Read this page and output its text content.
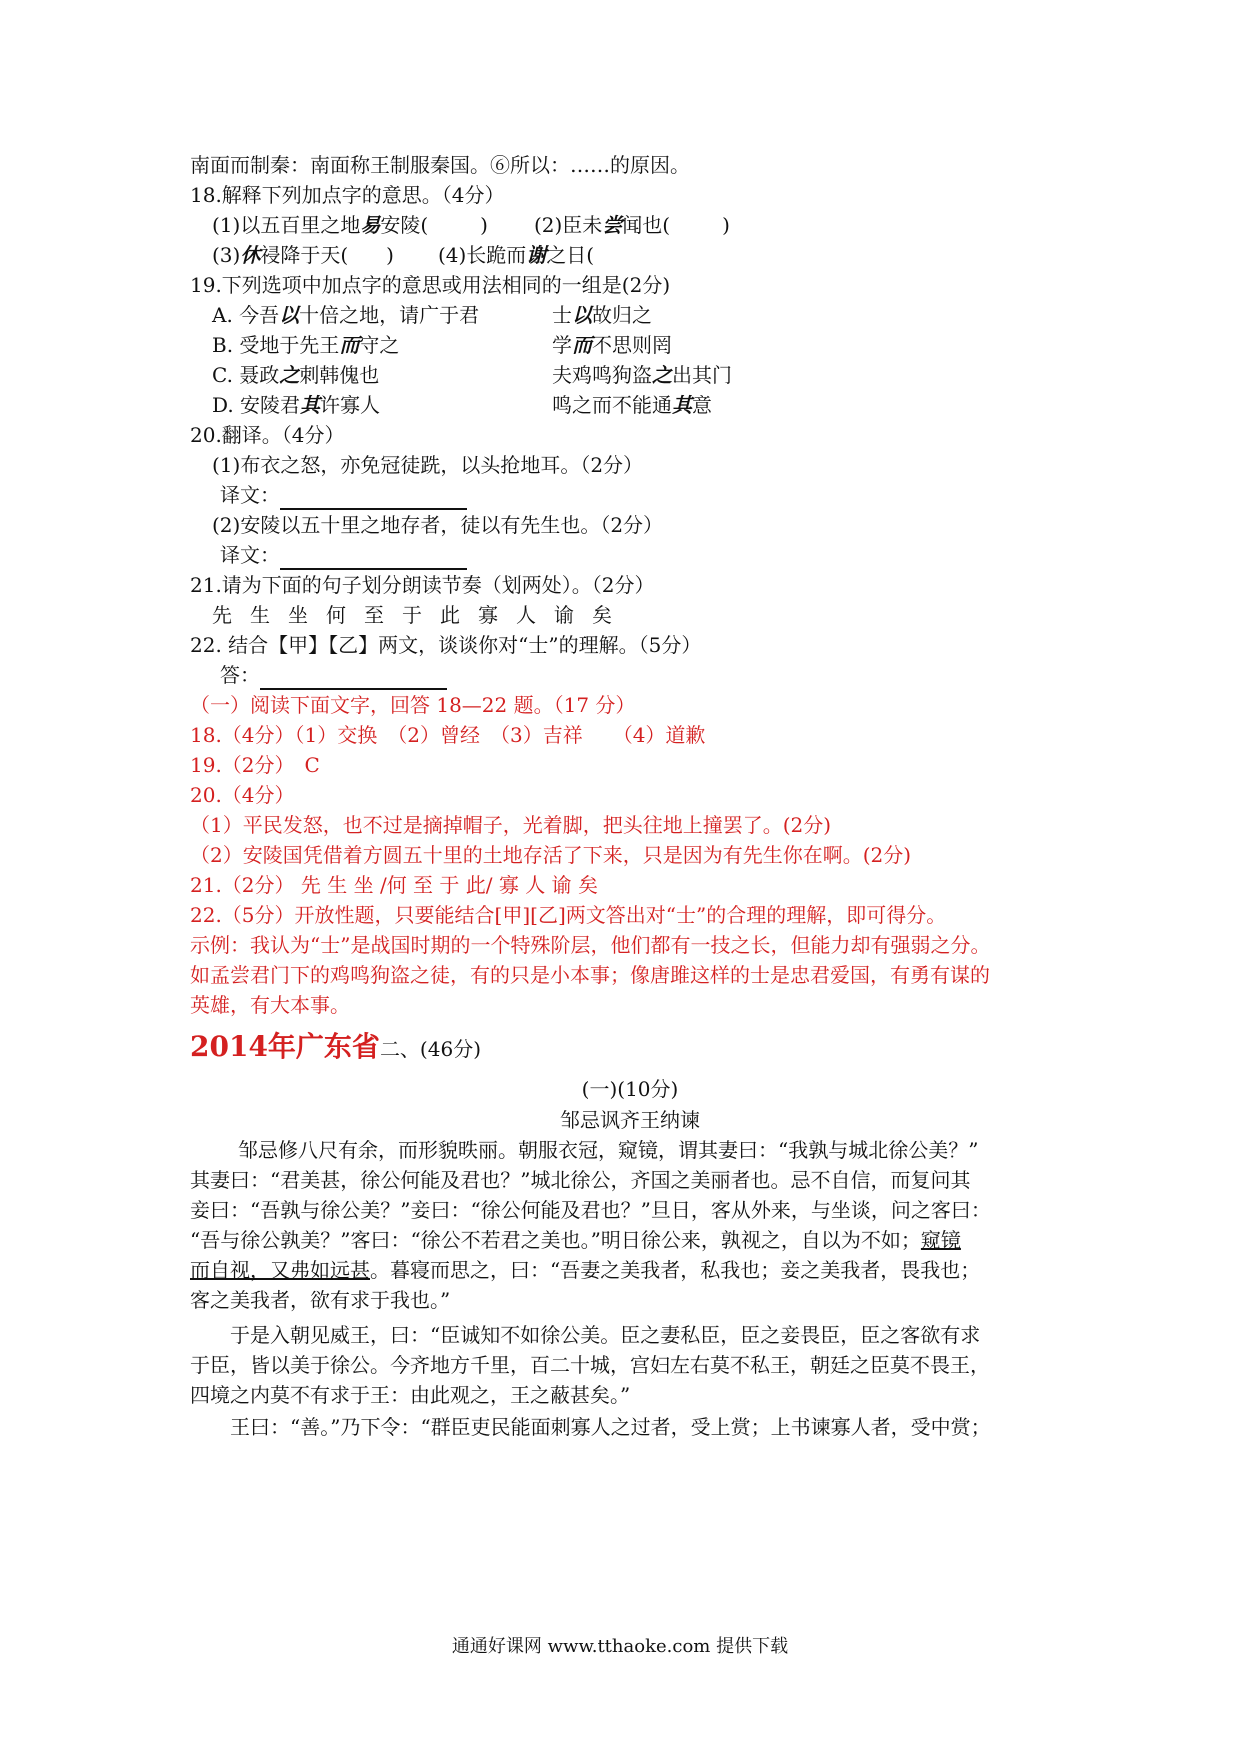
南面而制秦：南面称王制服秦国。⑥所以：……的原因。
18.解释下列加点字的意思。（4分）
(1)以五百里之地易安陵(	) (2)臣未尝闻也(	)
(3)休祲降于天( ) (4)长跪而谢之日(
19.下列选项中加点字的意思或用法相同的一组是(2分)
A. 今吾以十倍之地，请广于君	士以故归之
B. 受地于先王而守之	学而不思则罔
C. 聂政之刺韩傀也	夫鸡鸣狗盗之出其门
D. 安陵君其许寡人	鸣之而不能通其意
20.翻译。（4分）
(1)布衣之怒，亦免冠徒跣，以头抢地耳。（2分）
译文：
(2)安陵以五十里之地存者，徒以有先生也。（2分）
译文：
21.请为下面的句子划分朗读节奏（划两处）。（2分）
先生坐何至于此寡人谕矣
22. 结合【甲】【乙】两文，谈谈你对“士”的理解。（5分）
答：
（一）阅读下面文字，回答 18—22 题。（17 分）
18.（4分）（1）交换　（2）曾经　（3）吉祥　　（4）道歉
19.（2分）　C
20.（4分）
（1）平民发怒，也不过是摘掉帽子，光着脚，把头往地上撞罢了。(2分)
（2）安陵国凭借着方圆五十里的土地存活了下来，只是因为有先生你在啊。(2分)
21.（2分） 先 生 坐 /何 至 于 此/ 寡 人 谕 矣
22.（5分）开放性题，只要能结合[甲][乙]两文答出对“士”的合理的理解，即可得分。
示例：我认为“士”是战国时期的一个特殊阶层，他们都有一技之长，但能力却有强弱之分。
如孟尝君门下的鸡鸣狗盗之徒，有的只是小本事；像唐雎这样的士是忠君爱国，有勇有谋的
英雄，有大本事。
2014年广东省二、(46分)
(一)(10分)
邹忌讽齐王纳谏
邹忌修八尺有余，而形貌昳丽。朝服衣冠，窥镜，谓其妻曰：“我孰与城北徐公美？”
其妻曰：“君美甚，徐公何能及君也？”城北徐公，齐国之美丽者也。忌不自信，而复问其
妾曰：“吾孰与徐公美？”妾曰：“徐公何能及君也？”旦日，客从外来，与坐谈，问之客曰：
“吾与徐公孰美？”客曰：“徐公不若君之美也。”明日徐公来，孰视之，自以为不如；窥镜
而自视，又弗如远甚。暮寝而思之，曰：“吾妻之美我者，私我也；妾之美我者，畏我也；
客之美我者，欲有求于我也。”
于是入朝见威王，曰：“臣诚知不如徐公美。臣之妻私臣，臣之妾畏臣，臣之客欲有求
于臣，皆以美于徐公。今齐地方千里，百二十城，宫妇左右莫不私王，朝廷之臣莫不畏王，
四境之内莫不有求于王：由此观之，王之蔽甚矣。”
王曰：“善。”乃下令：“群臣吏民能面刺寡人之过者，受上赏；上书谏寡人者，受中赏；
通通好课网 www.tthaoke.com 提供下载
